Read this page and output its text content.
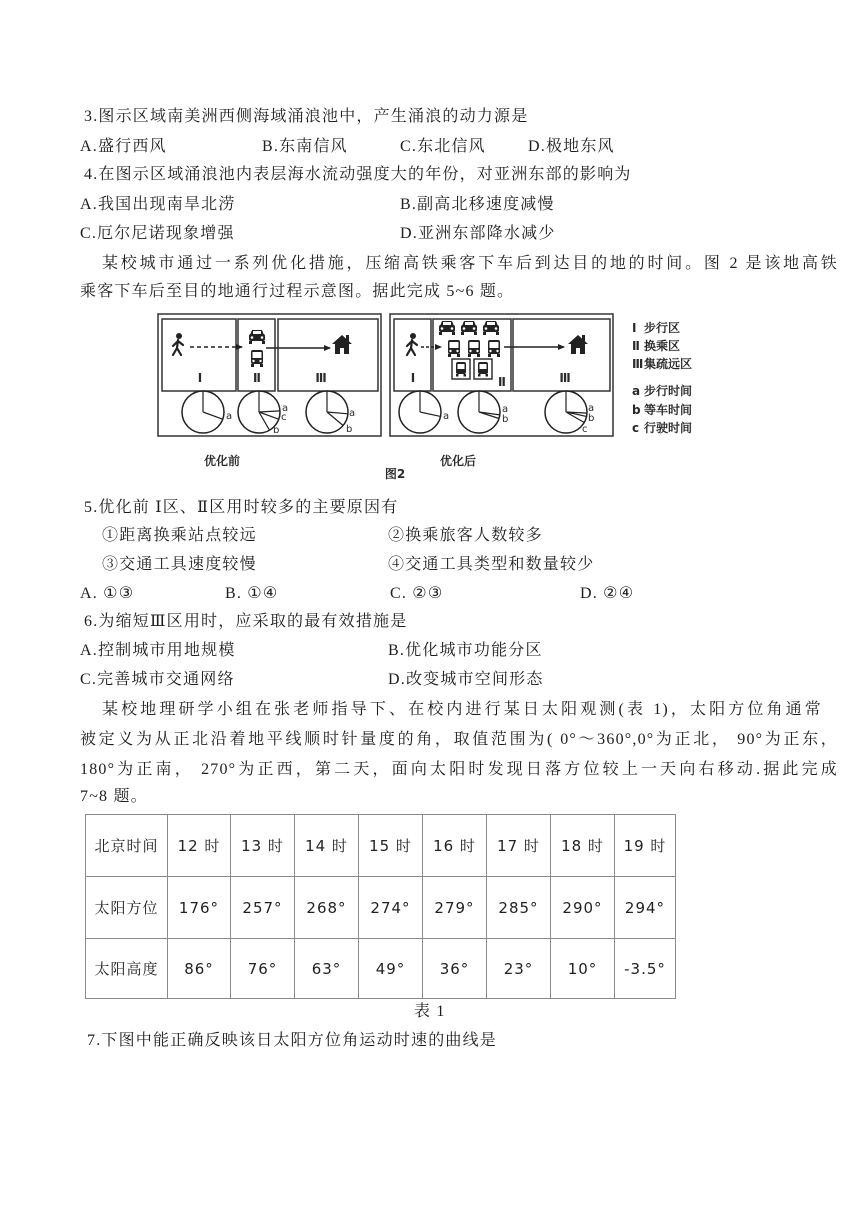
3.图示区域南美洲西侧海域涌浪池中，产生涌浪的动力源是
A.盛行西风	B.东南信风	C.东北信风	D.极地东风
4.在图示区域涌浪池内表层海水流动强度大的年份，对亚洲东部的影响为
A.我国出现南旱北涝	B.副高北移速度减慢
C.厄尔尼诺现象增强	D.亚洲东部降水减少
某校城市通过一系列优化措施，压缩高铁乘客下车后到达目的地的时间。图 2 是该地高铁
乘客下车后至目的地通行过程示意图。据此完成 5~6 题。
Ⅰ	Ⅱ	Ⅲ
a
a
c
b
a
b
Ⅰ	Ⅱ	Ⅲ
a
a
b
a
b
c
Ⅰ 步行区
Ⅱ 换乘区
Ⅲ 集疏远区
a 步行时间
b 等车时间
c 行驶时间
优化前	优化后
图2
5.优化前 Ⅰ区、Ⅱ区用时较多的主要原因有
①距离换乘站点较远	②换乘旅客人数较多
③交通工具速度较慢	④交通工具类型和数量较少
A. ①③	B. ①④	C. ②③	D. ②④
6.为缩短Ⅲ区用时，应采取的最有效措施是
A.控制城市用地规模	B.优化城市功能分区
C.完善城市交通网络	D.改变城市空间形态
某校地理研学小组在张老师指导下、在校内进行某日太阳观测(表 1)，太阳方位角通常
被定义为从正北沿着地平线顺时针量度的角，取值范围为( 0°～360°,0°为正北， 90°为正东，
180°为正南， 270°为正西，第二天，面向太阳时发现日落方位较上一天向右移动.据此完成
7~8 题。
北京时间	12 时	13 时	14 时	15 时	16 时	17 时	18 时	19 时
太阳方位	176°	257°	268°	274°	279°	285°	290°	294°
太阳高度	86°	76°	63°	49°	36°	23°	10°	-3.5°
表 1
7.下图中能正确反映该日太阳方位角运动时速的曲线是
